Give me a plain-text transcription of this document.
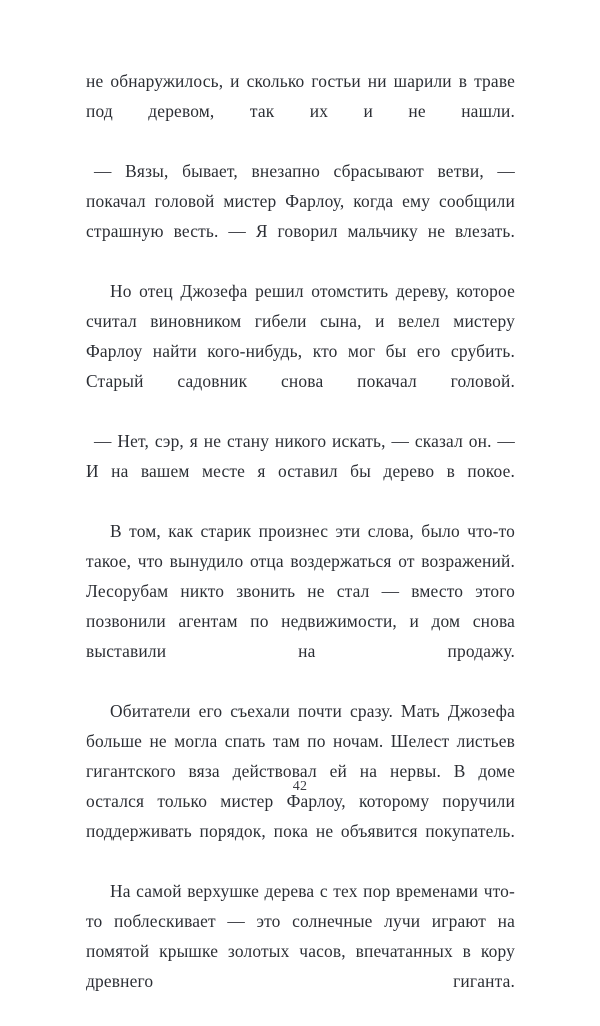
не обнаружилось, и сколько гостьи ни шарили в траве под деревом, так их и не нашли.

— Вязы, бывает, внезапно сбрасывают ветви, — покачал головой мистер Фарлоу, когда ему сообщили страшную весть. — Я говорил мальчику не влезать.

Но отец Джозефа решил отомстить дереву, которое считал виновником гибели сына, и велел мистеру Фарлоу найти кого-нибудь, кто мог бы его срубить. Старый садовник снова покачал головой.

— Нет, сэр, я не стану никого искать, — сказал он. — И на вашем месте я оставил бы дерево в покое.

В том, как старик произнес эти слова, было что-то такое, что вынудило отца воздержаться от возражений. Лесорубам никто звонить не стал — вместо этого позвонили агентам по недвижимости, и дом снова выставили на продажу.

Обитатели его съехали почти сразу. Мать Джозефа больше не могла спать там по ночам. Шелест листьев гигантского вяза действовал ей на нервы. В доме остался только мистер Фарлоу, которому поручили поддерживать порядок, пока не объявится покупатель.

На самой верхушке дерева с тех пор временами что-то поблескивает — это солнечные лучи играют на помятой крышке золотых часов, впечатанных в кору древнего гиганта.

42
